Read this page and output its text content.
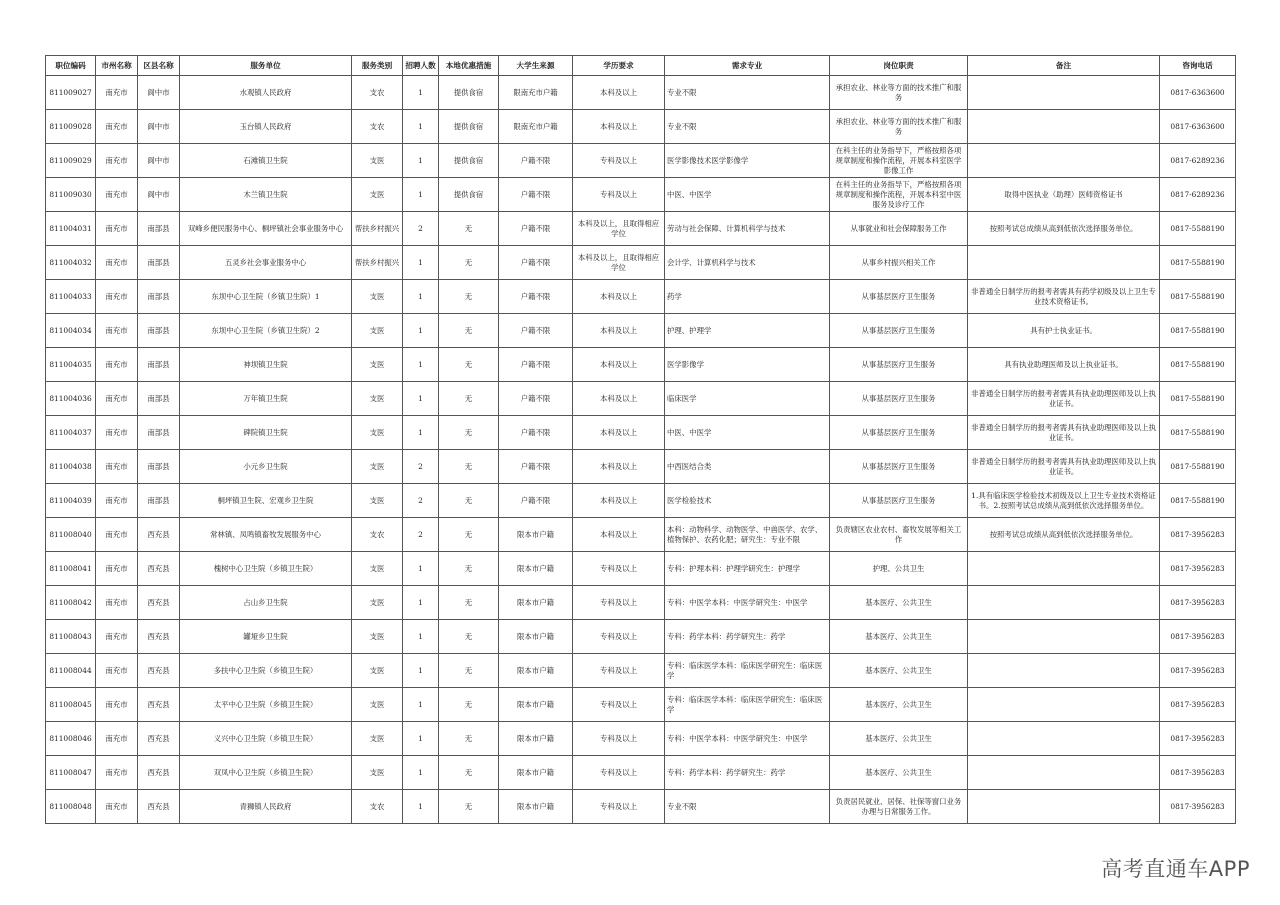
职位编码	市州名称	区县名称	服务单位	服务类别	招聘人数	本地优惠措施	大学生来源	学历要求	需求专业	岗位职责	备注	咨询电话
811009027	南充市	阆中市	水观镇人民政府	支农	1	提供食宿	限南充市户籍	本科及以上	专业不限	承担农业、林业等方面的技术推广和服务		0817-6363600
811009028	南充市	阆中市	玉台镇人民政府	支农	1	提供食宿	限南充市户籍	本科及以上	专业不限	承担农业、林业等方面的技术推广和服务		0817-6363600
811009029	南充市	阆中市	石滩镇卫生院	支医	1	提供食宿	户籍不限	专科及以上	医学影像技术医学影像学	在科主任的业务指导下，严格按照各项规章制度和操作流程，开展本科室医学影像工作		0817-6289236
811009030	南充市	阆中市	木兰镇卫生院	支医	1	提供食宿	户籍不限	专科及以上	中医、中医学	在科主任的业务指导下，严格按照各项规章制度和操作流程，开展本科室中医服务及诊疗工作	取得中医执业（助理）医师资格证书	0817-6289236
811004031	南充市	南部县	双峰乡便民服务中心、桐坪镇社会事业服务中心	帮扶乡村振兴	2	无	户籍不限	本科及以上，且取得相应学位	劳动与社会保障、计算机科学与技术	从事就业和社会保障服务工作	按照考试总成绩从高到低依次选择服务单位。	0817-5588190
811004032	南充市	南部县	五灵乡社会事业服务中心	帮扶乡村振兴	1	无	户籍不限	本科及以上，且取得相应学位	会计学、计算机科学与技术	从事乡村振兴相关工作		0817-5588190
811004033	南充市	南部县	东坝中心卫生院（乡镇卫生院）1	支医	1	无	户籍不限	本科及以上	药学	从事基层医疗卫生服务	非普通全日制学历的报考者需具有药学初级及以上卫生专业技术资格证书。	0817-5588190
811004034	南充市	南部县	东坝中心卫生院（乡镇卫生院）2	支医	1	无	户籍不限	本科及以上	护理、护理学	从事基层医疗卫生服务	具有护士执业证书。	0817-5588190
811004035	南充市	南部县	神坝镇卫生院	支医	1	无	户籍不限	本科及以上	医学影像学	从事基层医疗卫生服务	具有执业助理医师及以上执业证书。	0817-5588190
811004036	南充市	南部县	万年镇卫生院	支医	1	无	户籍不限	本科及以上	临床医学	从事基层医疗卫生服务	非普通全日制学历的报考者需具有执业助理医师及以上执业证书。	0817-5588190
811004037	南充市	南部县	碑院镇卫生院	支医	1	无	户籍不限	本科及以上	中医、中医学	从事基层医疗卫生服务	非普通全日制学历的报考者需具有执业助理医师及以上执业证书。	0817-5588190
811004038	南充市	南部县	小元乡卫生院	支医	2	无	户籍不限	本科及以上	中西医结合类	从事基层医疗卫生服务	非普通全日制学历的报考者需具有执业助理医师及以上执业证书。	0817-5588190
811004039	南充市	南部县	桐坪镇卫生院、宏观乡卫生院	支医	2	无	户籍不限	本科及以上	医学检验技术	从事基层医疗卫生服务	1.具有临床医学检验技术初级及以上卫生专业技术资格证书。2.按照考试总成绩从高到低依次选择服务单位。	0817-5588190
811008040	南充市	西充县	常林镇、凤鸣镇畜牧发展服务中心	支农	2	无	限本市户籍	本科及以上	本科：动物科学、动物医学、中兽医学、农学、植物保护、农药化肥；研究生：专业不限	负责辖区农业农村、畜牧发展等相关工作	按照考试总成绩从高到低依次选择服务单位。	0817-3956283
811008041	南充市	西充县	槐树中心卫生院（乡镇卫生院）	支医	1	无	限本市户籍	专科及以上	专科：护理本科：护理学研究生：护理学	护理、公共卫生		0817-3956283
811008042	南充市	西充县	占山乡卫生院	支医	1	无	限本市户籍	专科及以上	专科：中医学本科：中医学研究生：中医学	基本医疗、公共卫生		0817-3956283
811008043	南充市	西充县	罐垭乡卫生院	支医	1	无	限本市户籍	专科及以上	专科：药学本科：药学研究生：药学	基本医疗、公共卫生		0817-3956283
811008044	南充市	西充县	多扶中心卫生院（乡镇卫生院）	支医	1	无	限本市户籍	专科及以上	专科：临床医学本科：临床医学研究生：临床医学	基本医疗、公共卫生		0817-3956283
811008045	南充市	西充县	太平中心卫生院（乡镇卫生院）	支医	1	无	限本市户籍	专科及以上	专科：临床医学本科：临床医学研究生：临床医学	基本医疗、公共卫生		0817-3956283
811008046	南充市	西充县	义兴中心卫生院（乡镇卫生院）	支医	1	无	限本市户籍	专科及以上	专科：中医学本科：中医学研究生：中医学	基本医疗、公共卫生		0817-3956283
811008047	南充市	西充县	双凤中心卫生院（乡镇卫生院）	支医	1	无	限本市户籍	专科及以上	专科：药学本科：药学研究生：药学	基本医疗、公共卫生		0817-3956283
811008048	南充市	西充县	青狮镇人民政府	支农	1	无	限本市户籍	专科及以上	专业不限	负责居民就业、居保、社保等窗口业务办理与日常服务工作。		0817-3956283
高考直通车APP
